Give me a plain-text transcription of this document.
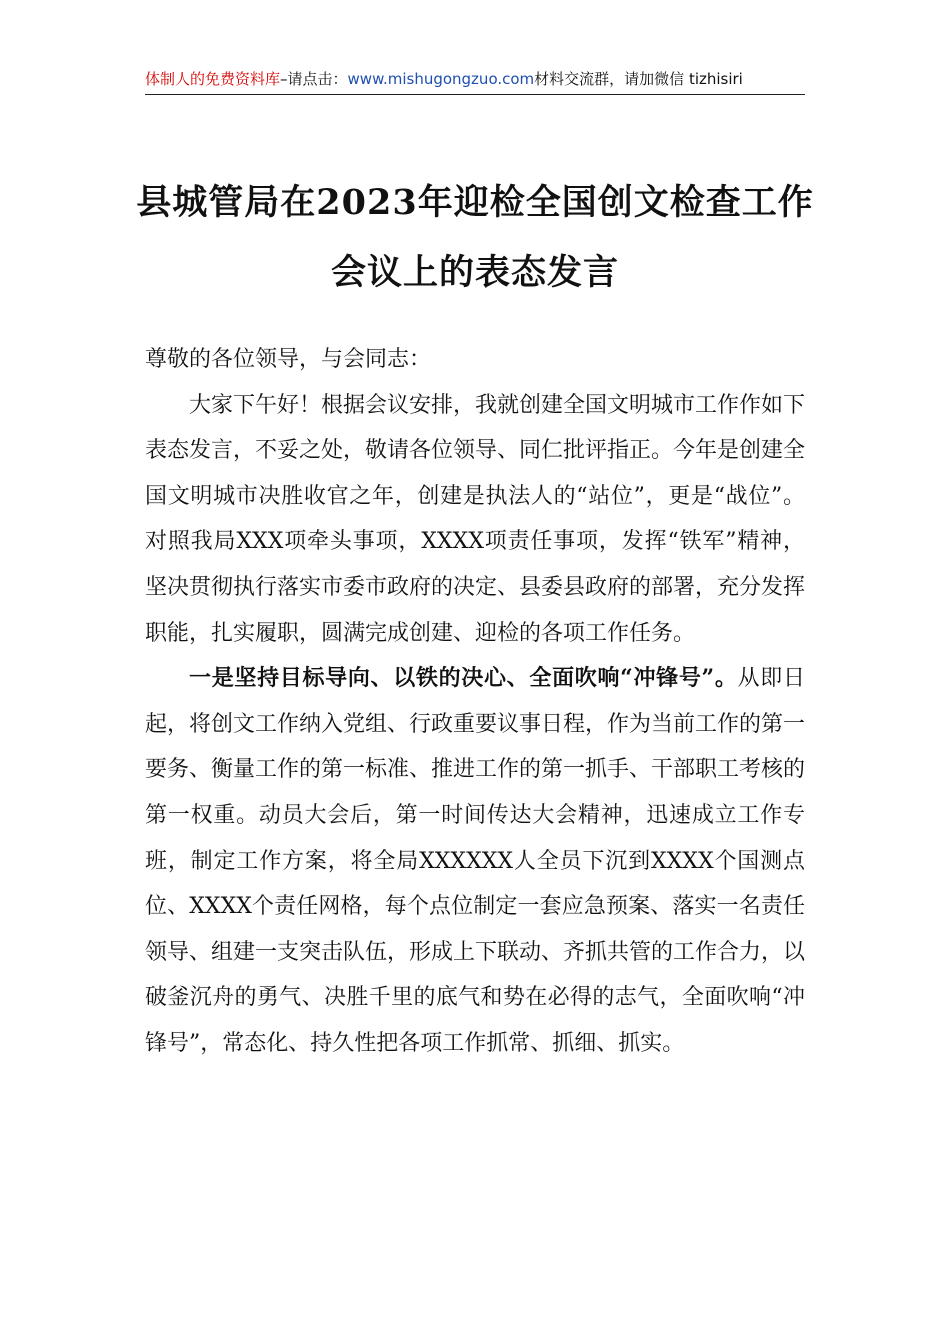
体制人的免费资料库–请点击：www.mishugongzuo.com材料交流群，请加微信 tizhisiri
县城管局在2023年迎检全国创文检查工作
会议上的表态发言

尊敬的各位领导，与会同志：

大家下午好！根据会议安排，我就创建全国文明城市工作作如下表态发言，不妥之处，敬请各位领导、同仁批评指正。今年是创建全国文明城市决胜收官之年，创建是执法人的“站位”，更是“战位”。对照我局XXX项牵头事项，XXXX项责任事项，发挥“铁军”精神，坚决贯彻执行落实市委市政府的决定、县委县政府的部署，充分发挥职能，扎实履职，圆满完成创建、迎检的各项工作任务。

一是坚持目标导向、以铁的决心、全面吹响“冲锋号”。从即日起，将创文工作纳入党组、行政重要议事日程，作为当前工作的第一要务、衡量工作的第一标准、推进工作的第一抓手、干部职工考核的第一权重。动员大会后，第一时间传达大会精神，迅速成立工作专班，制定工作方案，将全局XXXXXX人全员下沉到XXXX个国测点位、XXXX个责任网格，每个点位制定一套应急预案、落实一名责任领导、组建一支突击队伍，形成上下联动、齐抓共管的工作合力，以破釜沉舟的勇气、决胜千里的底气和势在必得的志气，全面吹响“冲锋号”，常态化、持久性把各项工作抓常、抓细、抓实。
